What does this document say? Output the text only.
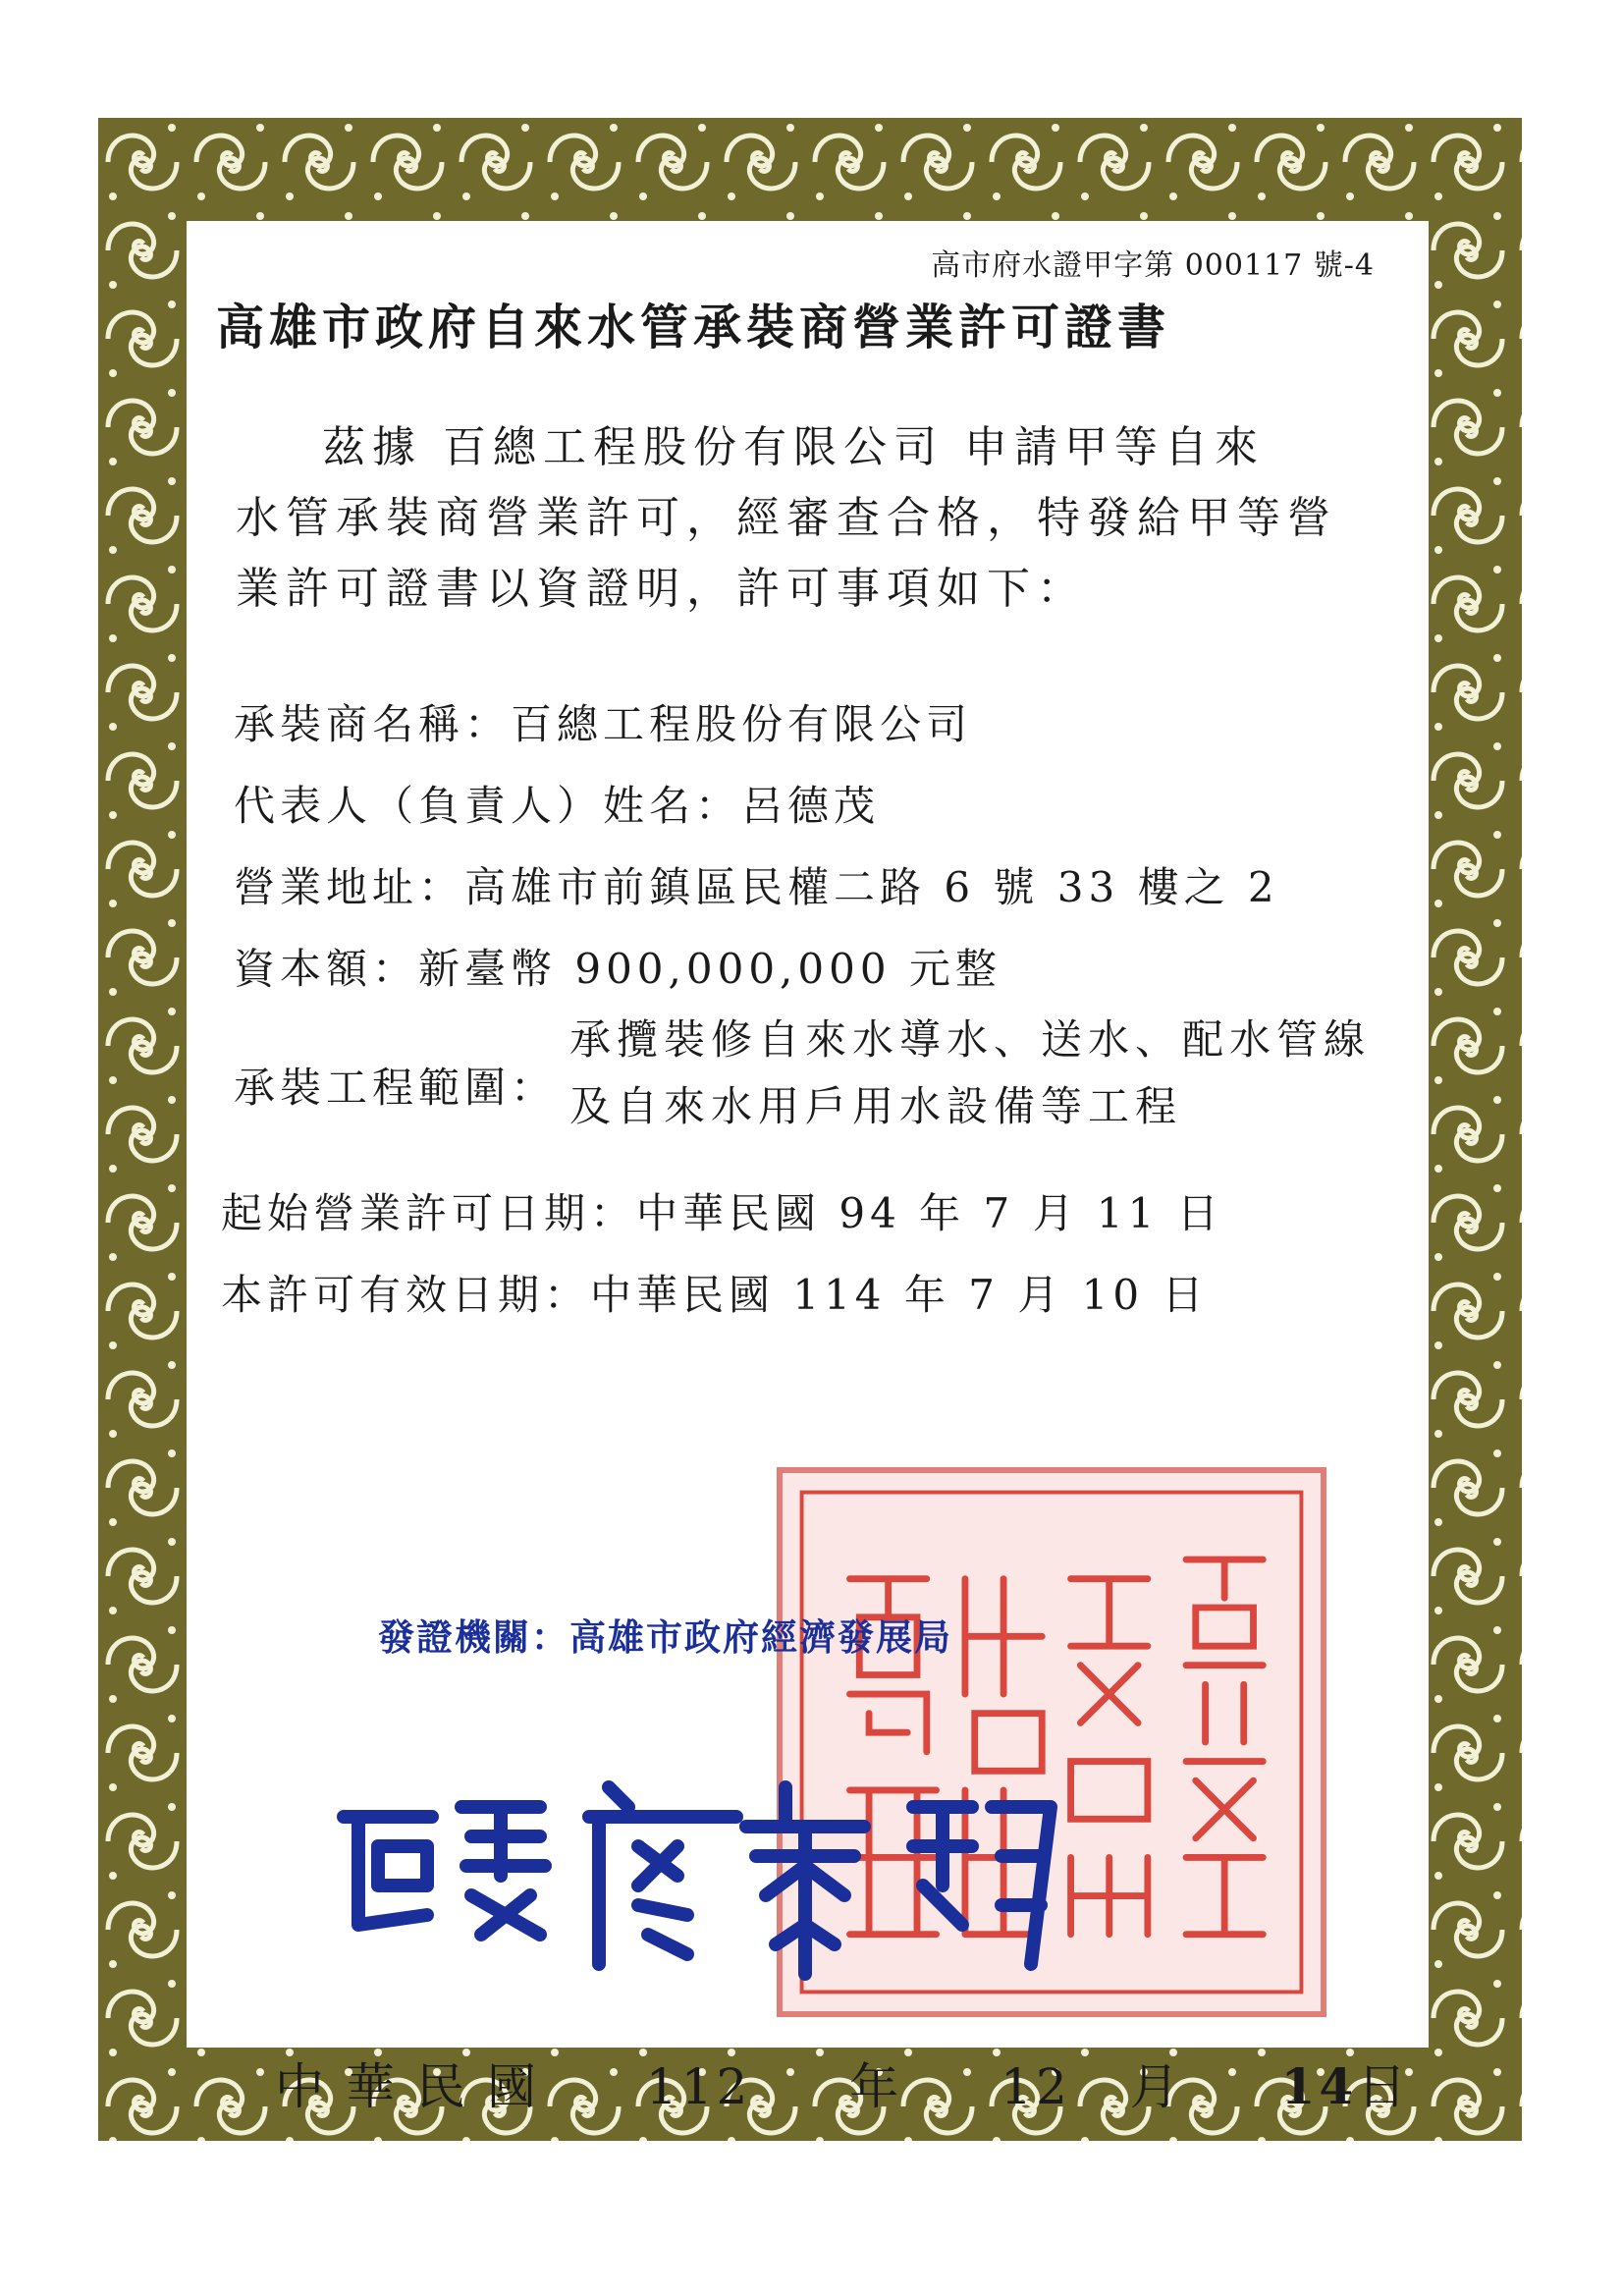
高市府水證甲字第 000117 號-4
高雄市政府自來水管承裝商營業許可證書

茲據 百總工程股份有限公司 申請甲等自來

水管承裝商營業許可，經審查合格，特發給甲等營

業許可證書以資證明，許可事項如下：

承裝商名稱：百總工程股份有限公司
代表人（負責人）姓名：呂德茂
營業地址：高雄市前鎮區民權二路 6 號 33 樓之 2
資本額：新臺幣 900,000,000 元整
承裝工程範圍：
承攬裝修自來水導水、送水、配水管線
及自來水用戶用水設備等工程
起始營業許可日期：中華民國 94 年 7 月 11 日
本許可有效日期：中華民國 114 年 7 月 10 日
發證機關：高雄市政府經濟發展局
中華民國 112 年 12 月 14日
